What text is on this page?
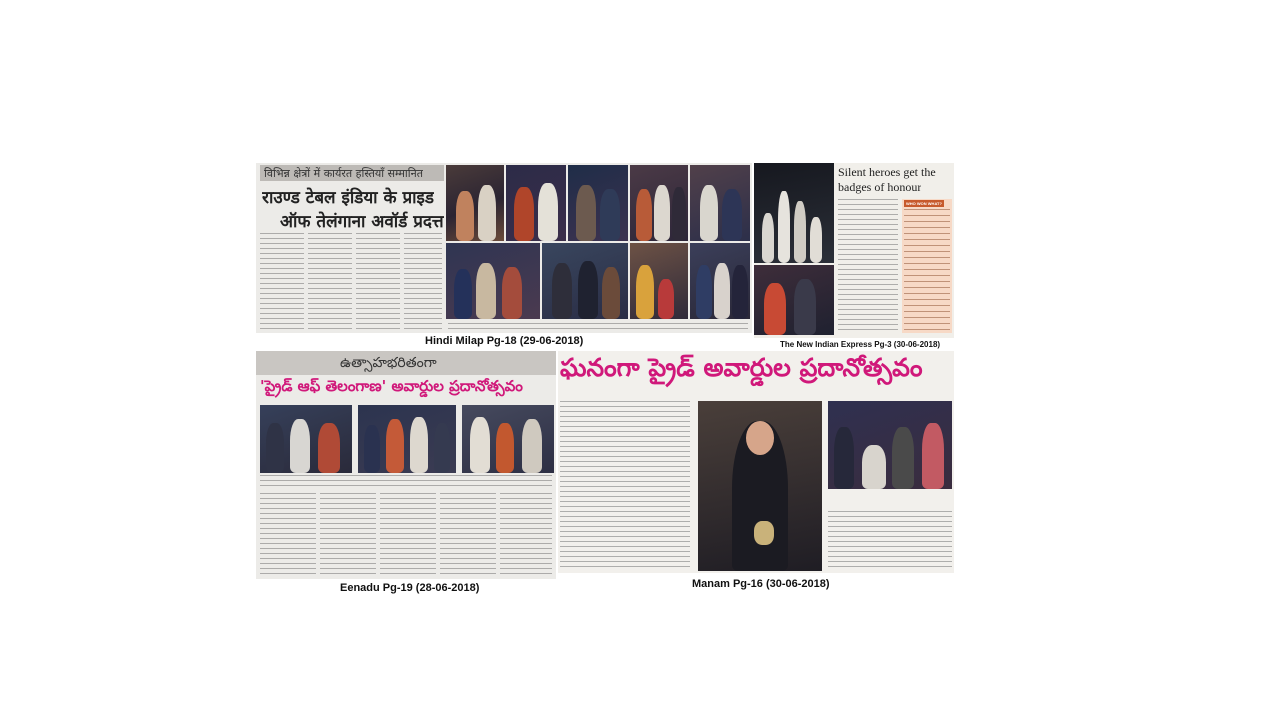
विभिन्न क्षेत्रों में कार्यरत हस्तियाँ सम्मानित
राउण्ड टेबल इंडिया के प्राइड
ऑफ तेलंगाना अवॉर्ड प्रदत्त
Hindi Milap Pg-18 (29-06-2018)
Silent heroes get the
badges of honour
WHO WON WHAT?
The New Indian Express Pg-3 (30-06-2018)
ఉత్సాహభరితంగా
'ప్రైడ్ ఆఫ్ తెలంగాణ' అవార్డుల ప్రదానోత్సవం
Eenadu Pg-19 (28-06-2018)
ఘనంగా ప్రైడ్ అవార్డుల ప్రదానోత్సవం
Manam Pg-16 (30-06-2018)
